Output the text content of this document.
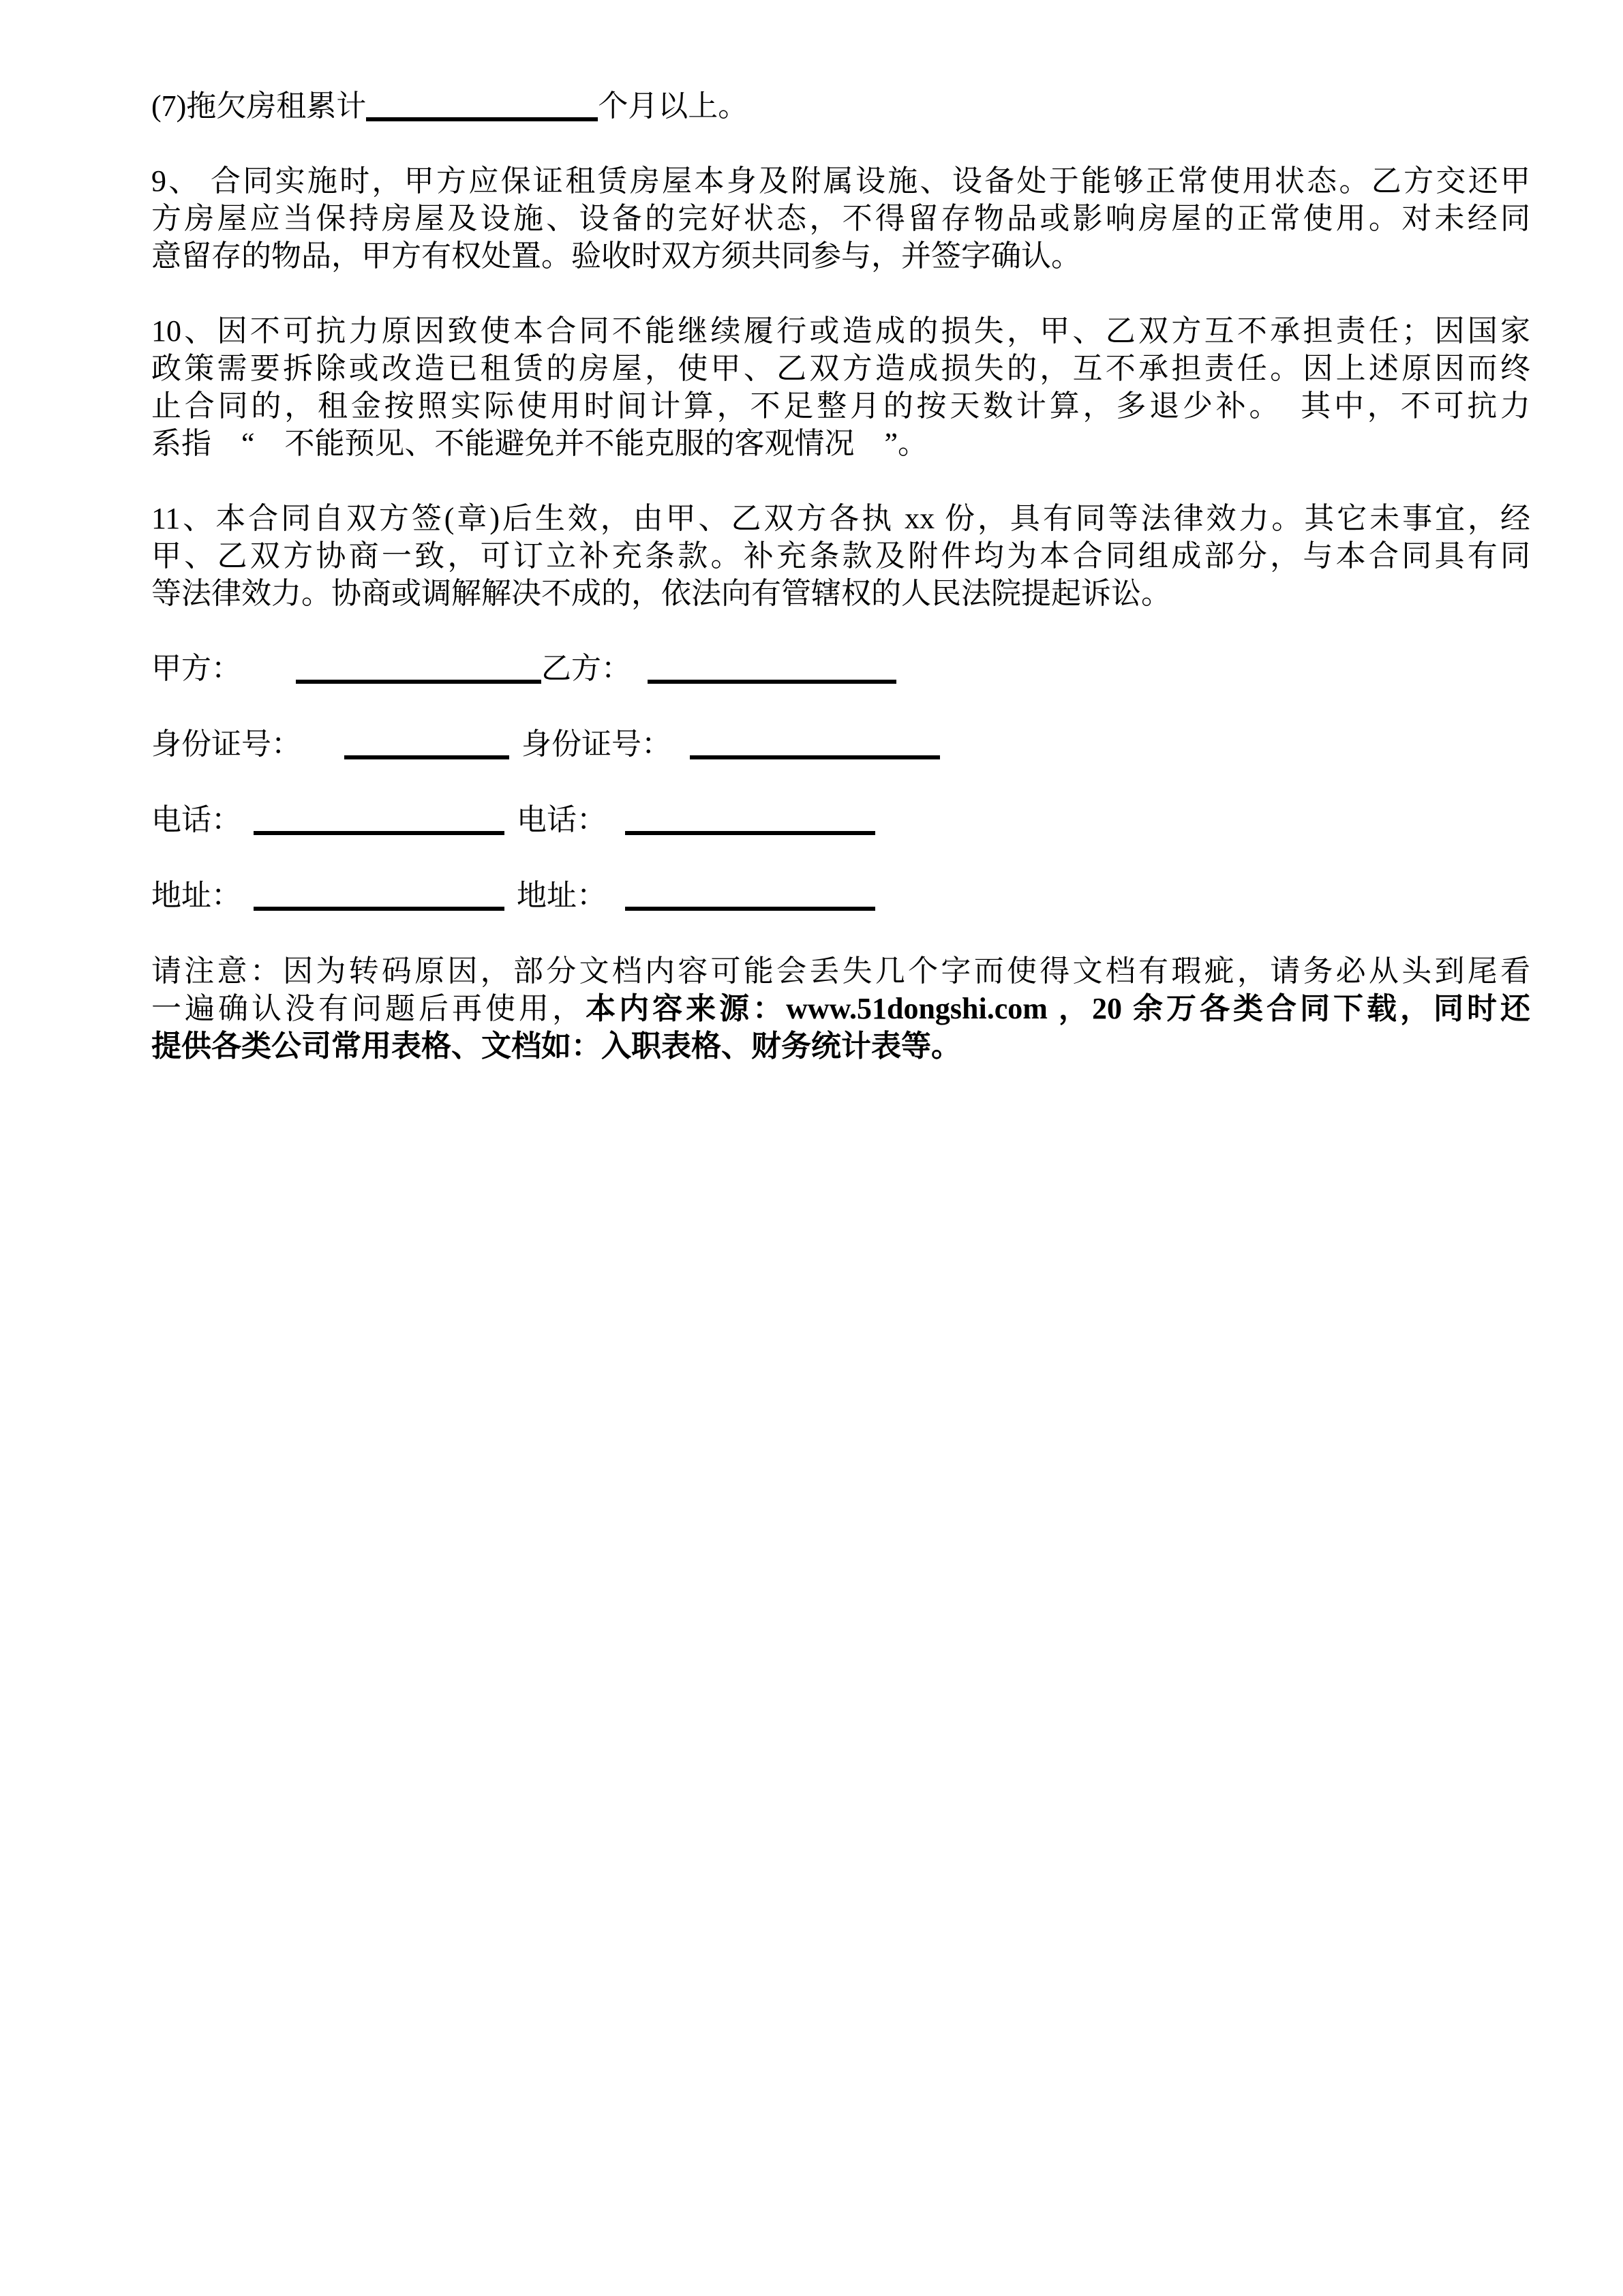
(7)拖欠房租累计	个月以上。
9、 合同实施时，甲方应保证租赁房屋本身及附属设施、设备处于能够正常使用状态。乙方交还甲
方房屋应当保持房屋及设施、设备的完好状态，不得留存物品或影响房屋的正常使用。对未经同
意留存的物品，甲方有权处置。验收时双方须共同参与，并签字确认。
10、因不可抗力原因致使本合同不能继续履行或造成的损失，甲、乙双方互不承担责任；因国家
政策需要拆除或改造已租赁的房屋，使甲、乙双方造成损失的，互不承担责任。因上述原因而终
止合同的，租金按照实际使用时间计算，不足整月的按天数计算，多退少补。　其中，不可抗力
系指　“　不能预见、不能避免并不能克服的客观情况　”。
11、本合同自双方签(章)后生效，由甲、乙双方各执 xx 份，具有同等法律效力。其它未事宜，经
甲、乙双方协商一致，可订立补充条款。补充条款及附件均为本合同组成部分，与本合同具有同
等法律效力。协商或调解解决不成的，依法向有管辖权的人民法院提起诉讼。
甲方：	乙方：
身份证号：	身份证号：
电话：	电话：
地址：	地址：
请注意：因为转码原因，部分文档内容可能会丢失几个字而使得文档有瑕疵，请务必从头到尾看
一遍确认没有问题后再使用，本内容来源：www.51dongshi.com ，20 余万各类合同下载，同时还
提供各类公司常用表格、文档如：入职表格、财务统计表等。
